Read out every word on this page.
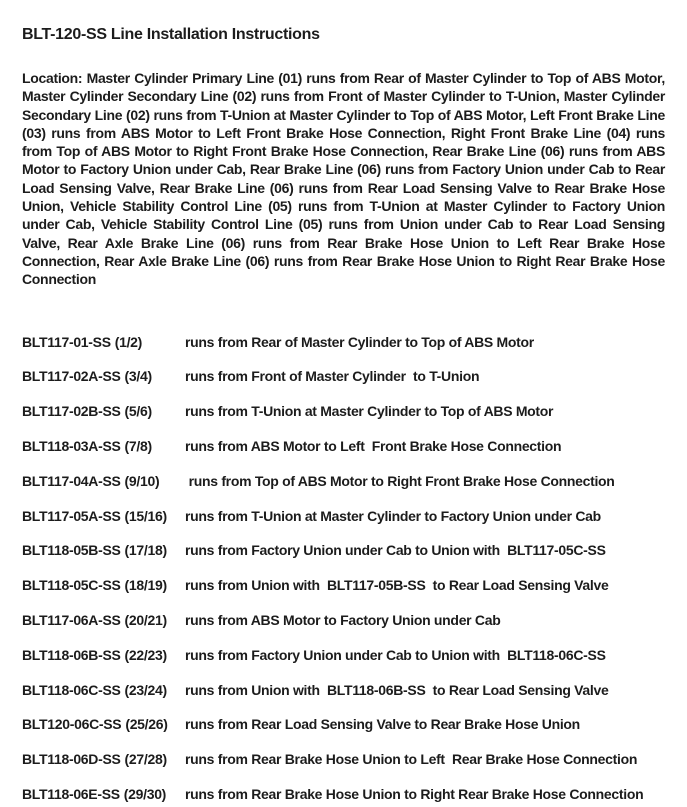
BLT-120-SS Line Installation Instructions

Location: Master Cylinder Primary Line (01) runs from Rear of Master Cylinder to Top of ABS Motor, Master Cylinder Secondary Line (02) runs from Front of Master Cylinder to T-Union, Master Cylinder Secondary Line (02) runs from T-Union at Master Cylinder to Top of ABS Motor, Left Front Brake Line (03) runs from ABS Motor to Left Front Brake Hose Connection, Right Front Brake Line (04) runs from Top of ABS Motor to Right Front Brake Hose Connection, Rear Brake Line (06) runs from ABS Motor to Factory Union under Cab, Rear Brake Line (06) runs from Factory Union under Cab to Rear Load Sensing Valve, Rear Brake Line (06) runs from Rear Load Sensing Valve to Rear Brake Hose Union, Vehicle Stability Control Line (05) runs from T-Union at Master Cylinder to Factory Union under Cab, Vehicle Stability Control Line (05) runs from Union under Cab to Rear Load Sensing Valve, Rear Axle Brake Line (06) runs from Rear Brake Hose Union to Left Rear Brake Hose Connection, Rear Axle Brake Line (06) runs from Rear Brake Hose Union to Right Rear Brake Hose Connection

BLT117-01-SS (1/2)	runs from Rear of Master Cylinder to Top of ABS Motor
BLT117-02A-SS (3/4)	runs from Front of Master Cylinder  to T-Union
BLT117-02B-SS (5/6)	runs from T-Union at Master Cylinder to Top of ABS Motor
BLT118-03A-SS (7/8)	runs from ABS Motor to Left  Front Brake Hose Connection
BLT117-04A-SS (9/10)	runs from Top of ABS Motor to Right Front Brake Hose Connection
BLT117-05A-SS (15/16)	runs from T-Union at Master Cylinder to Factory Union under Cab
BLT118-05B-SS (17/18)	runs from Factory Union under Cab to Union with  BLT117-05C-SS
BLT118-05C-SS (18/19)	runs from Union with  BLT117-05B-SS  to Rear Load Sensing Valve
BLT117-06A-SS (20/21)	runs from ABS Motor to Factory Union under Cab
BLT118-06B-SS (22/23)	runs from Factory Union under Cab to Union with  BLT118-06C-SS
BLT118-06C-SS (23/24)	runs from Union with  BLT118-06B-SS  to Rear Load Sensing Valve
BLT120-06C-SS (25/26)	runs from Rear Load Sensing Valve to Rear Brake Hose Union
BLT118-06D-SS (27/28)	runs from Rear Brake Hose Union to Left  Rear Brake Hose Connection
BLT118-06E-SS (29/30)	runs from Rear Brake Hose Union to Right Rear Brake Hose Connection
